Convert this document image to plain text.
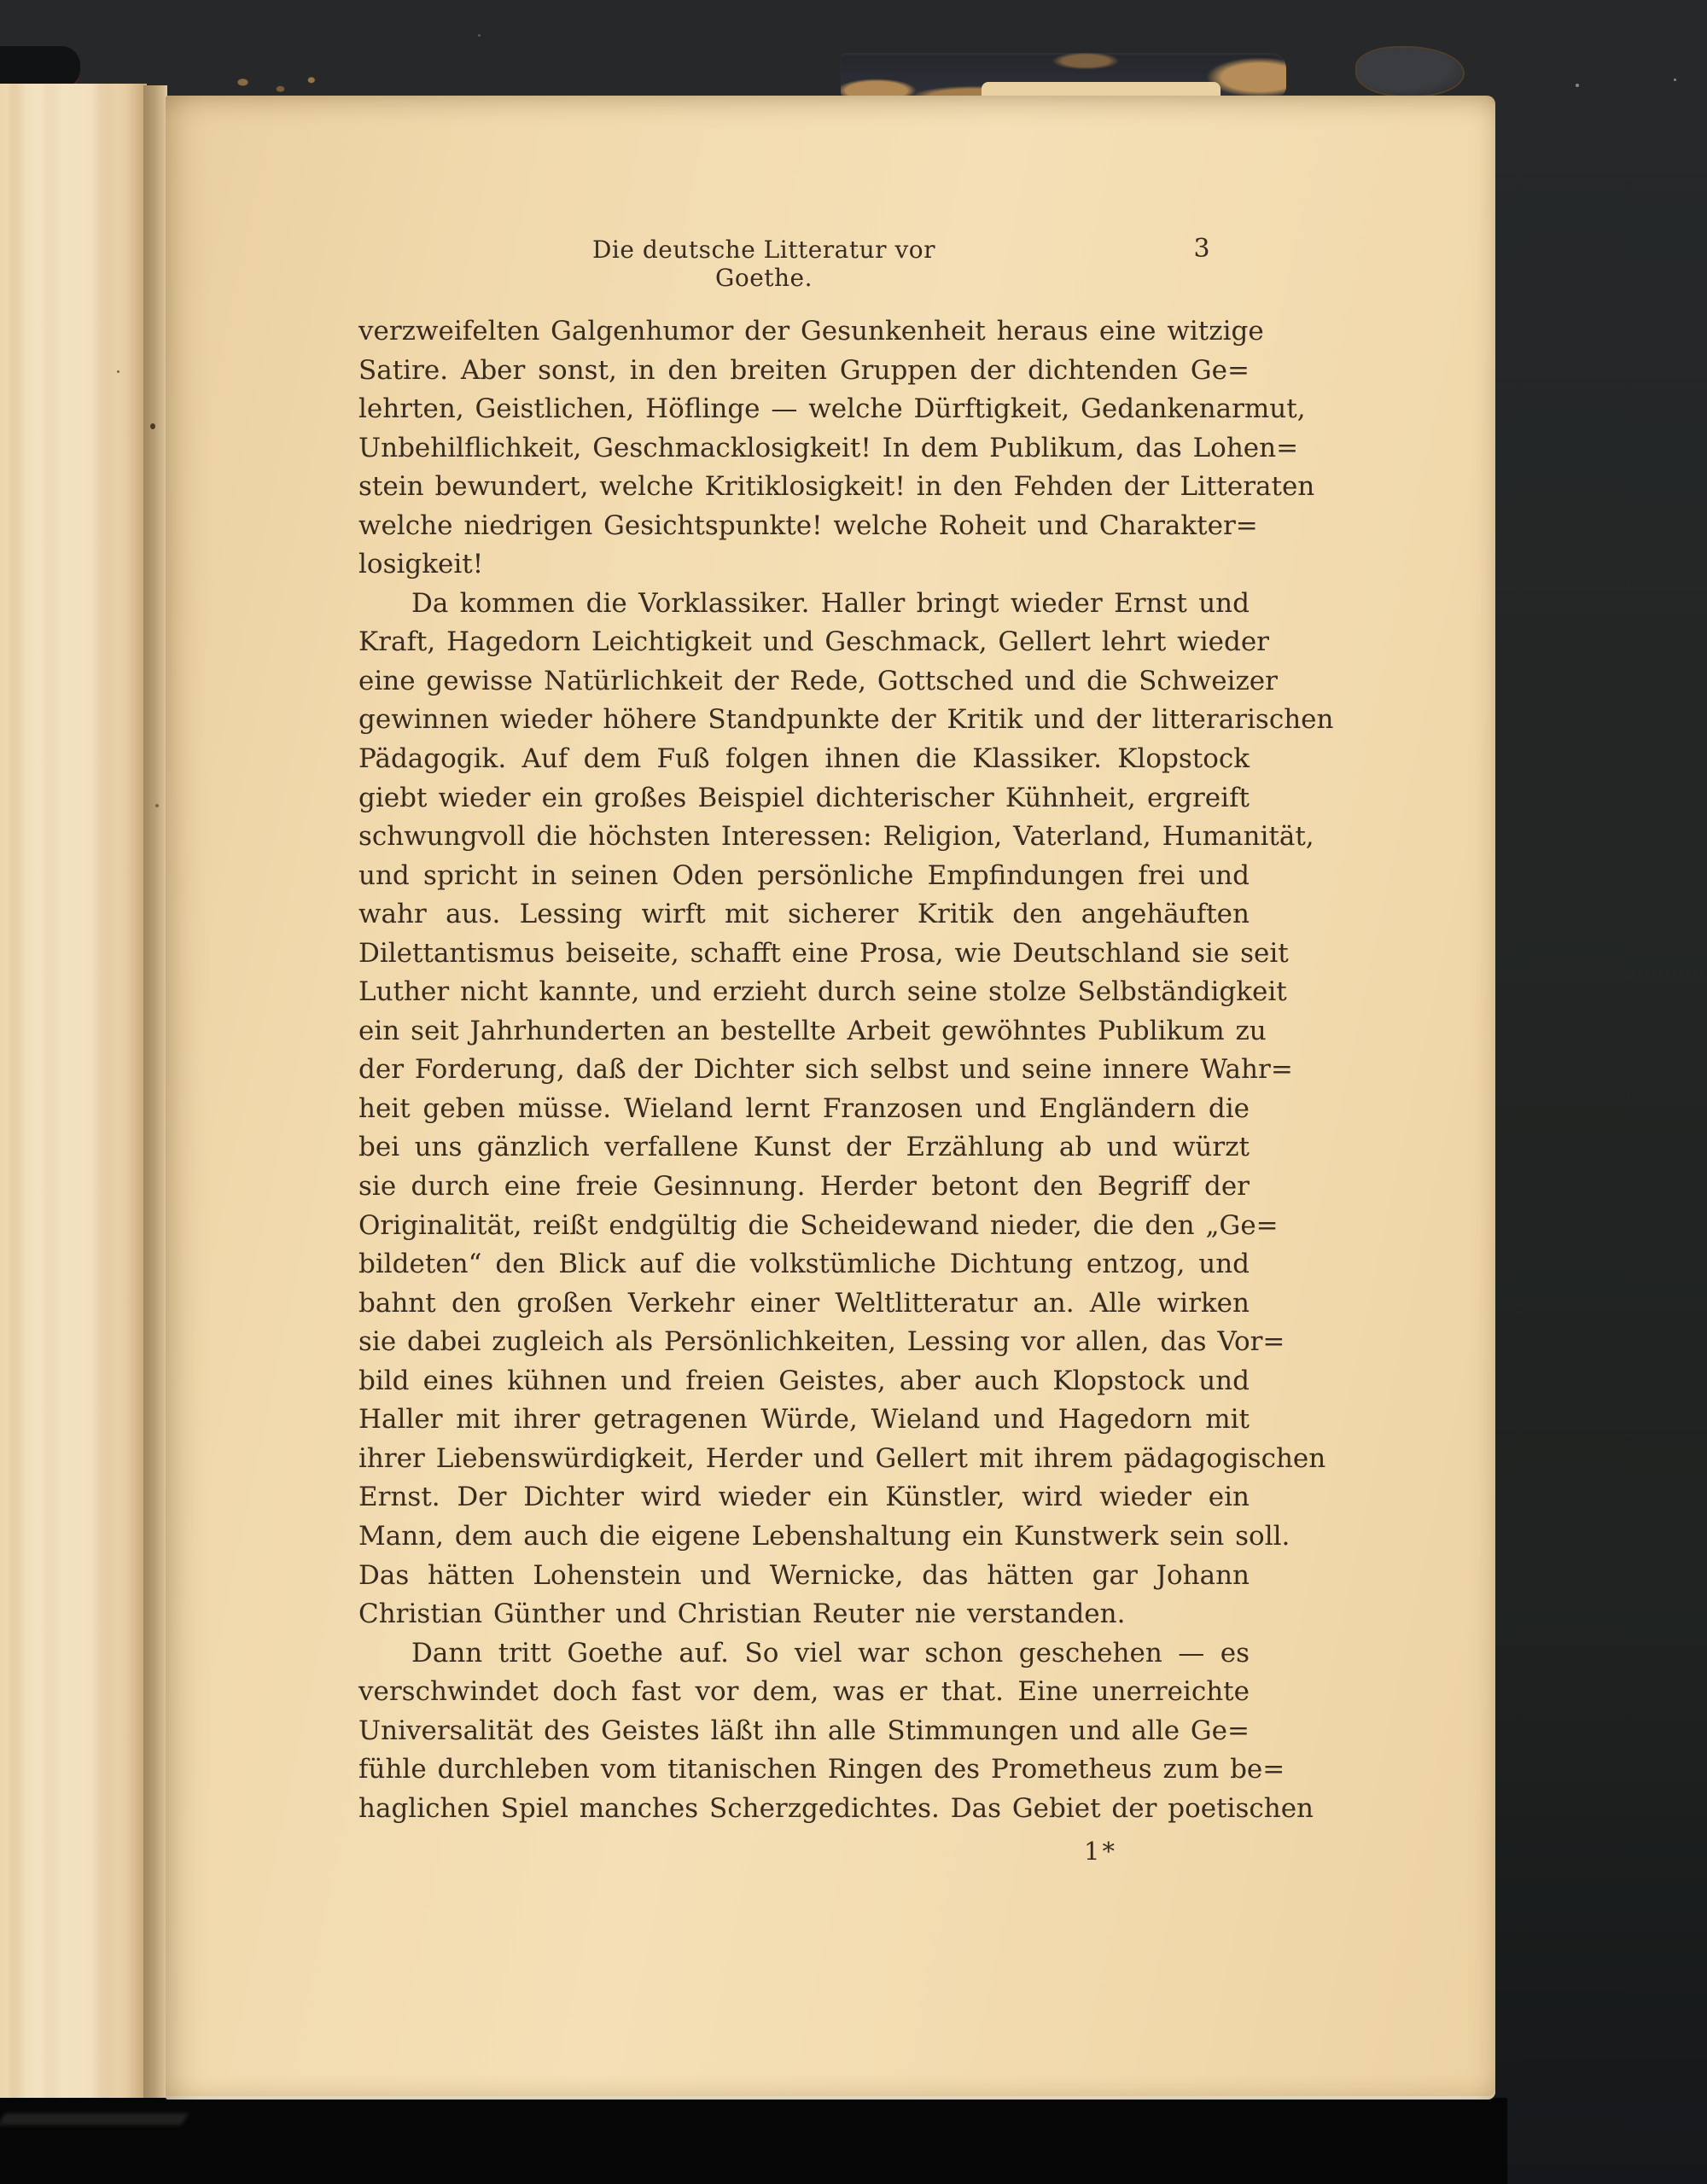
Die deutsche Litteratur vor Goethe.
3
verzweifelten Galgenhumor der Gesunkenheit heraus eine witzige
Satire. Aber sonst, in den breiten Gruppen der dichtenden Ge=
lehrten, Geistlichen, Höflinge — welche Dürftigkeit, Gedankenarmut,
Unbehilflichkeit, Geschmacklosigkeit! In dem Publikum, das Lohen=
stein bewundert, welche Kritiklosigkeit! in den Fehden der Litteraten
welche niedrigen Gesichtspunkte! welche Roheit und Charakter=
losigkeit!
Da kommen die Vorklassiker. Haller bringt wieder Ernst und
Kraft, Hagedorn Leichtigkeit und Geschmack, Gellert lehrt wieder
eine gewisse Natürlichkeit der Rede, Gottsched und die Schweizer
gewinnen wieder höhere Standpunkte der Kritik und der litterarischen
Pädagogik. Auf dem Fuß folgen ihnen die Klassiker. Klopstock
giebt wieder ein großes Beispiel dichterischer Kühnheit, ergreift
schwungvoll die höchsten Interessen: Religion, Vaterland, Humanität,
und spricht in seinen Oden persönliche Empfindungen frei und
wahr aus. Lessing wirft mit sicherer Kritik den angehäuften
Dilettantismus beiseite, schafft eine Prosa, wie Deutschland sie seit
Luther nicht kannte, und erzieht durch seine stolze Selbständigkeit
ein seit Jahrhunderten an bestellte Arbeit gewöhntes Publikum zu
der Forderung, daß der Dichter sich selbst und seine innere Wahr=
heit geben müsse. Wieland lernt Franzosen und Engländern die
bei uns gänzlich verfallene Kunst der Erzählung ab und würzt
sie durch eine freie Gesinnung. Herder betont den Begriff der
Originalität, reißt endgültig die Scheidewand nieder, die den „Ge=
bildeten“ den Blick auf die volkstümliche Dichtung entzog, und
bahnt den großen Verkehr einer Weltlitteratur an. Alle wirken
sie dabei zugleich als Persönlichkeiten, Lessing vor allen, das Vor=
bild eines kühnen und freien Geistes, aber auch Klopstock und
Haller mit ihrer getragenen Würde, Wieland und Hagedorn mit
ihrer Liebenswürdigkeit, Herder und Gellert mit ihrem pädagogischen
Ernst. Der Dichter wird wieder ein Künstler, wird wieder ein
Mann, dem auch die eigene Lebenshaltung ein Kunstwerk sein soll.
Das hätten Lohenstein und Wernicke, das hätten gar Johann
Christian Günther und Christian Reuter nie verstanden.
Dann tritt Goethe auf. So viel war schon geschehen — es
verschwindet doch fast vor dem, was er that. Eine unerreichte
Universalität des Geistes läßt ihn alle Stimmungen und alle Ge=
fühle durchleben vom titanischen Ringen des Prometheus zum be=
haglichen Spiel manches Scherzgedichtes. Das Gebiet der poetischen
1*
